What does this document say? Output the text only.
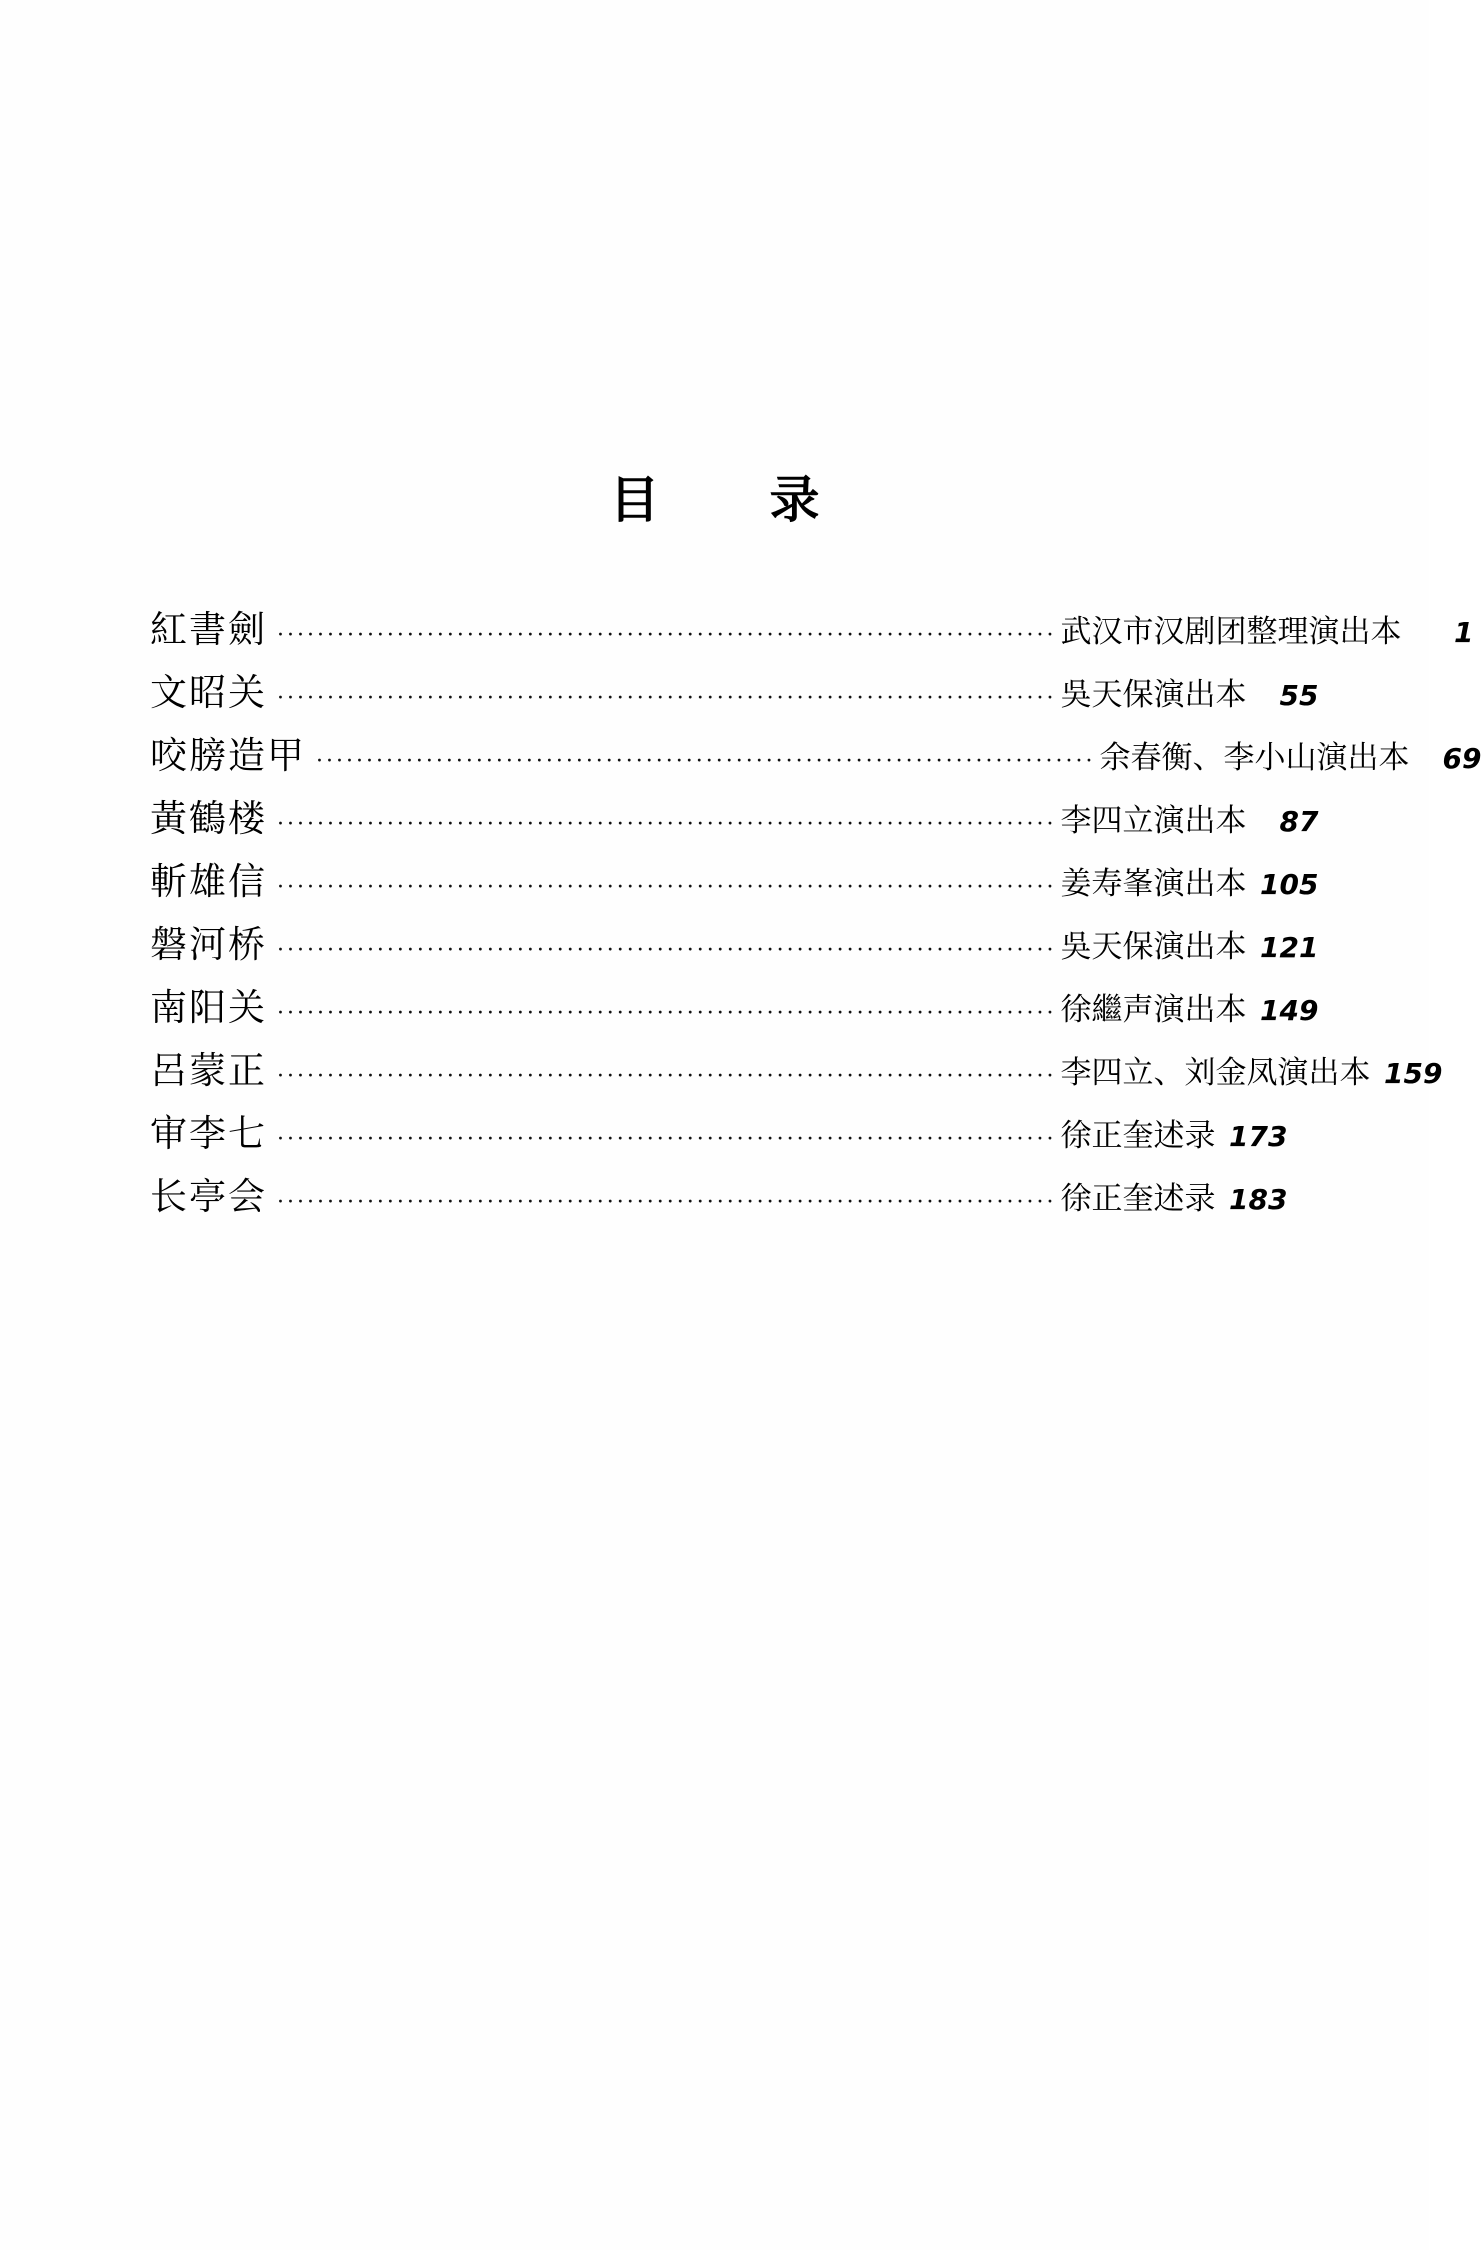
目录
紅書劍 ·············································································· 武汉市汉剧团整理演出本	1
文昭关 ·············································································· 吳天保演出本	55
咬膀造甲 ·············································································· 余春衡、李小山演出本	69
黃鶴楼 ·············································································· 李四立演出本	87
斬雄信 ·············································································· 姜寿峯演出本 105
磐河桥 ·············································································· 吳天保演出本 121
南阳关 ·············································································· 徐繼声演出本 149
呂蒙正 ·············································································· 李四立、刘金凤演出本 159
审李七 ·············································································· 徐正奎述录 173
长亭会 ·············································································· 徐正奎述录 183
